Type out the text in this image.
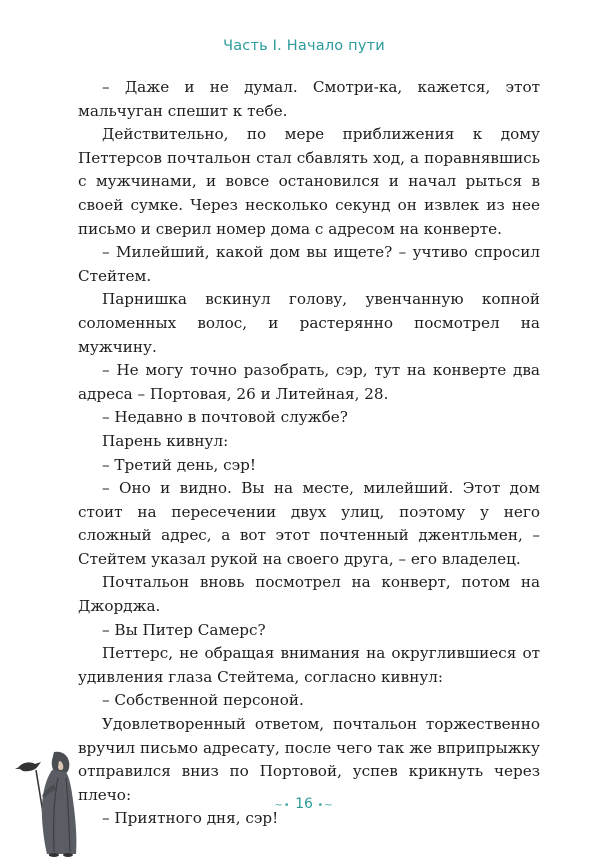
Часть I. Начало пути

– Даже и не думал. Смотри-ка, кажется, этот мальчуган спешит к тебе.

Действительно, по мере приближения к дому Петтерсов почтальон стал сбавлять ход, а поравнявшись с мужчинами, и вовсе остановился и начал рыться в своей сумке. Через несколько секунд он извлек из нее письмо и сверил номер дома с адресом на конверте.

– Милейший, какой дом вы ищете? – учтиво спросил Стейтем.

Парнишка вскинул голову, увенчанную копной соломенных волос, и растерянно посмотрел на мужчину.

– Не могу точно разобрать, сэр, тут на конверте два адреса – Портовая, 26 и Литейная, 28.

– Недавно в почтовой службе?

Парень кивнул:

– Третий день, сэр!

– Оно и видно. Вы на месте, милейший. Этот дом стоит на пересечении двух улиц, поэтому у него сложный адрес, а вот этот почтенный джентльмен, – Стейтем указал рукой на своего друга, – его владелец.

Почтальон вновь посмотрел на конверт, потом на Джорджа.

– Вы Питер Самерс?

Петтерс, не обращая внимания на округлившиеся от удивления глаза Стейтема, согласно кивнул:

– Собственной персоной.

Удовлетворенный ответом, почтальон торжественно вручил письмо адресату, после чего так же вприпрыжку отправился вниз по Портовой, успев крикнуть через плечо:

– Приятного дня, сэр!

~• 16 •~
